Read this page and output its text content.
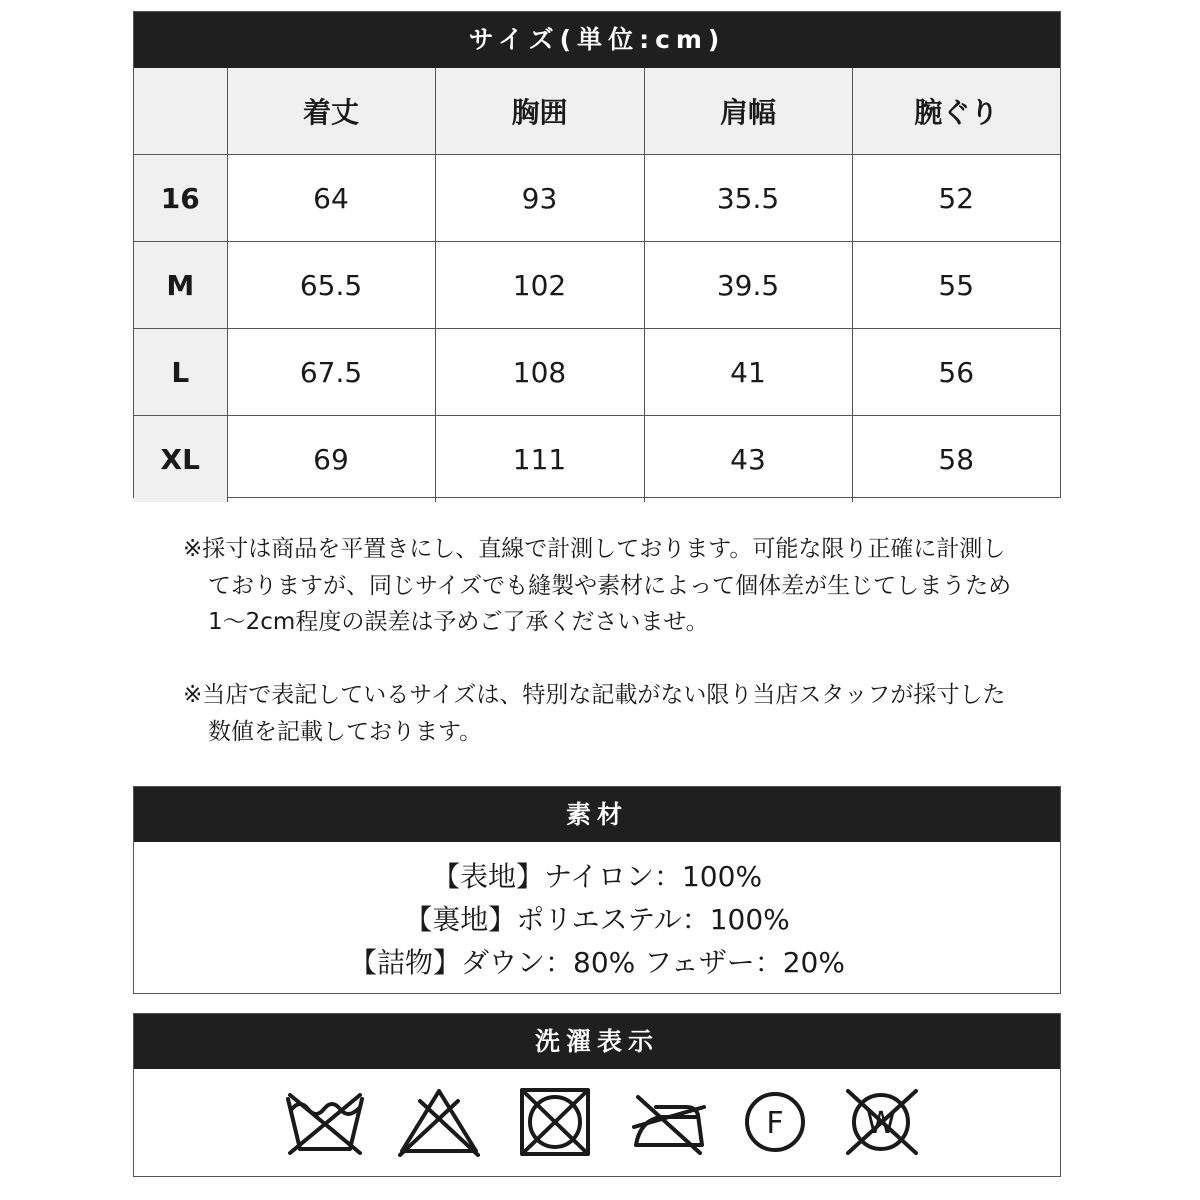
サイズ(単位:cm)
	着丈	胸囲	肩幅	腕ぐり
16	64	93	35.5	52
M	65.5	102	39.5	55
L	67.5	108	41	56
XL	69	111	43	58
※採寸は商品を平置きにし、直線で計測しております。可能な限り正確に計測し
ておりますが、同じサイズでも縫製や素材によって個体差が生じてしまうため
1～2cm程度の誤差は予めご了承くださいませ。
※当店で表記しているサイズは、特別な記載がない限り当店スタッフが採寸した
数値を記載しております。
素材
【表地】ナイロン：100%
【裏地】ポリエステル：100%
【詰物】ダウン：80% フェザー：20%
洗濯表示
F	W
